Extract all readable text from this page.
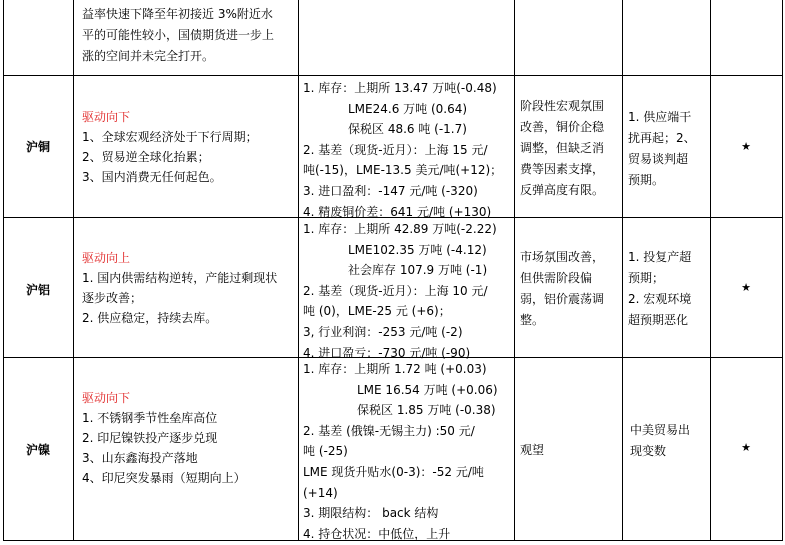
益率快速下降至年初接近 3%附近水
平的可能性较小，国债期货进一步上
涨的空间并未完全打开。
沪铜
驱动向下
1、全球宏观经济处于下行周期；
2、贸易逆全球化抬累；
3、国内消费无任何起色。
1. 库存：上期所 13.47 万吨(-0.48)
LME24.6 万吨 (0.64)
保税区 48.6 吨 (-1.7)
2. 基差（现货-近月）：上海 15 元/
吨(-15)，LME-13.5 美元/吨(+12)；
3. 进口盈利：-147 元/吨 (-320)
4. 精废铜价差：641 元/吨 (+130)
阶段性宏观氛围
改善，铜价企稳
调整，但缺乏消
费等因素支撑，
反弹高度有限。
1. 供应端干
扰再起；2、
贸易谈判超
预期。
★
沪铝
驱动向上
1. 国内供需结构逆转，产能过剩现状
逐步改善；
2. 供应稳定，持续去库。
1. 库存：上期所 42.89 万吨(-2.22)
LME102.35 万吨 (-4.12)
社会库存 107.9 万吨 (-1)
2. 基差（现货-近月）：上海 10 元/
吨 (0)，LME-25 元 (+6)；
3, 行业利润：-253 元/吨 (-2)
4. 进口盈亏：-730 元/吨 (-90)
市场氛围改善，
但供需阶段偏
弱，铝价震荡调
整。
1. 投复产超
预期；
2. 宏观环境
超预期恶化
★
沪镍
驱动向下
1. 不锈钢季节性垒库高位
2. 印尼镍铁投产逐步兑现
3、山东鑫海投产落地
4、印尼突发暴雨（短期向上）
1. 库存：上期所 1.72 吨 (+0.03)
LME 16.54 万吨 (+0.06)
保税区 1.85 万吨 (-0.38)
2. 基差 (俄镍-无锡主力) :50 元/
吨 (-25)
LME 现货升贴水(0-3)：-52 元/吨
(+14)
3. 期限结构： back 结构
4. 持仓状况：中低位，上升
观望
中美贸易出
现变数	★
